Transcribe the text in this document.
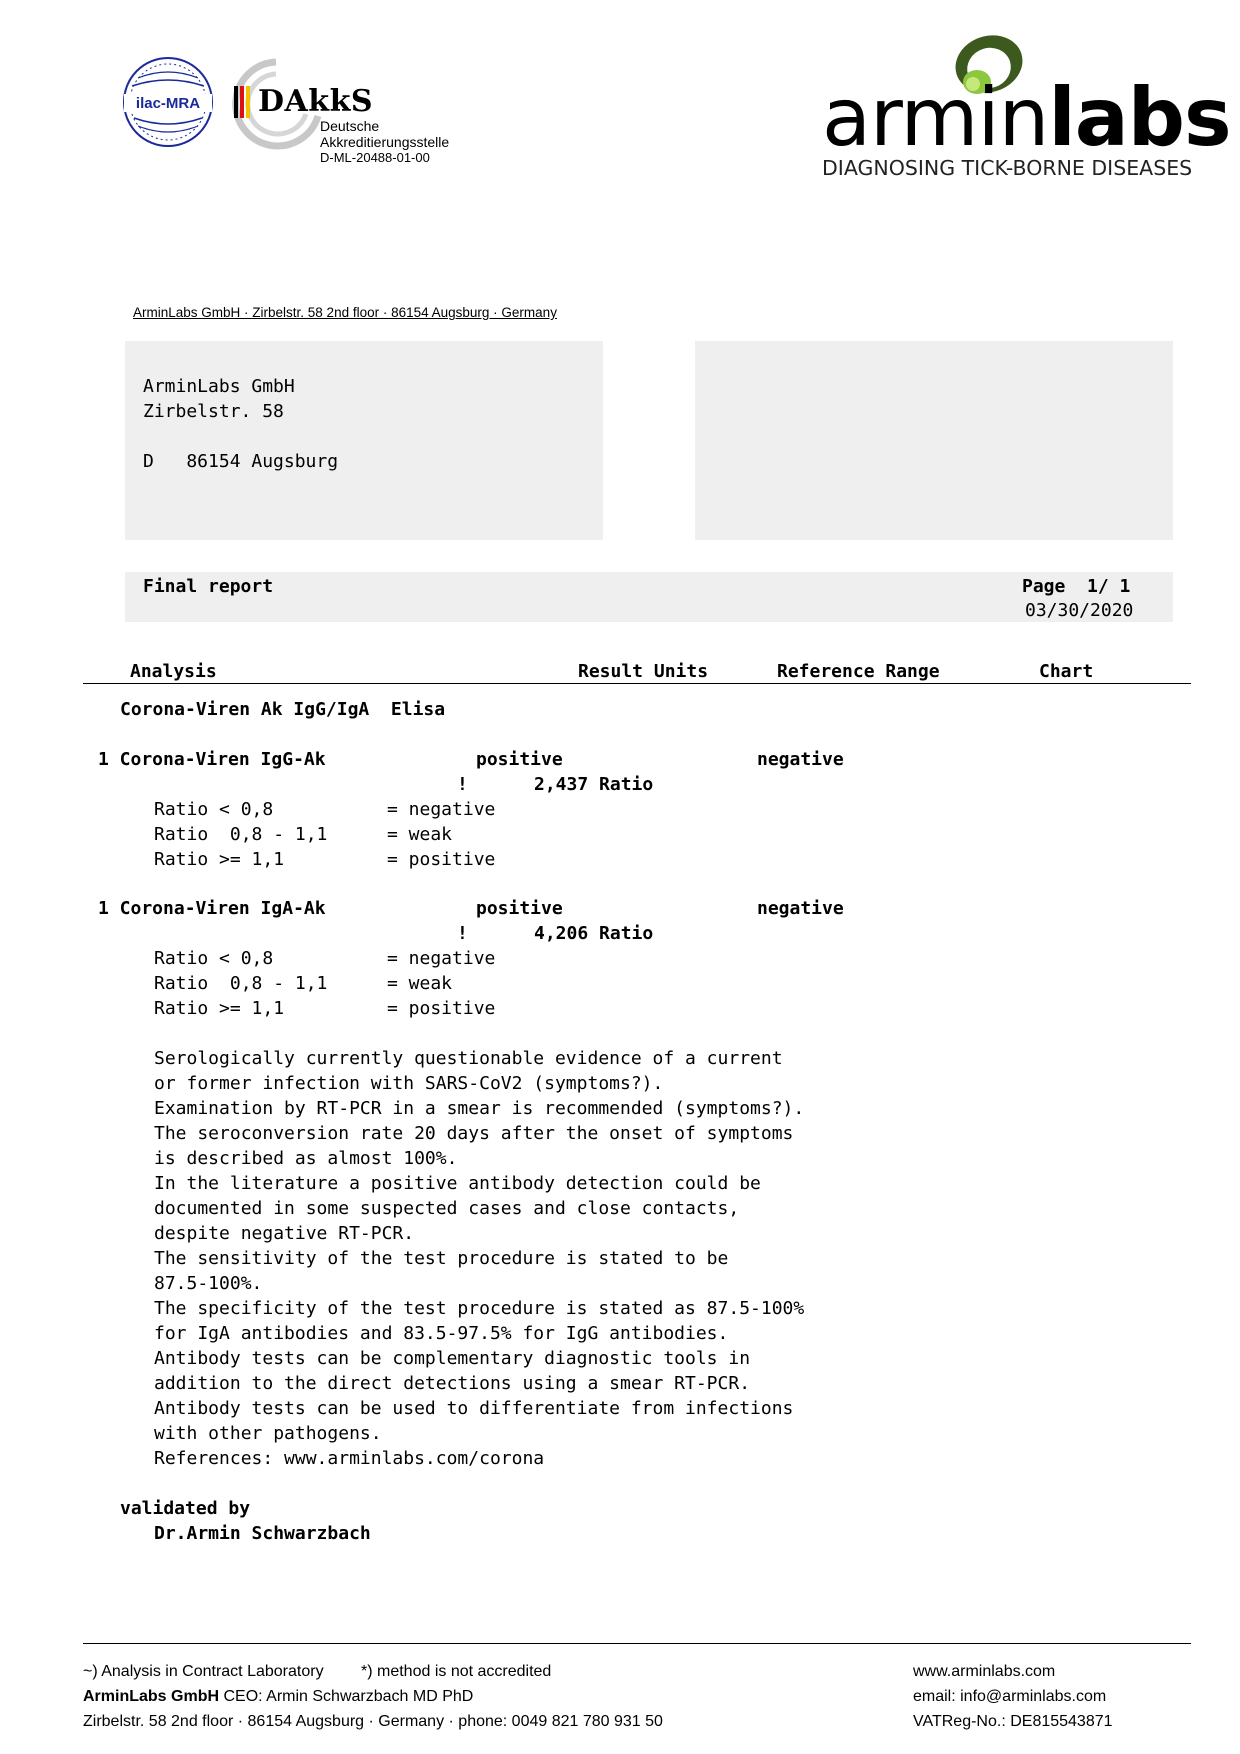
ilac-MRA DAkkS
Deutsche
Akkreditierungsstelle
D-ML-20488-01-00	arminlabs
DIAGNOSING TICK-BORNE DISEASES
ArminLabs GmbH · Zirbelstr. 58 2nd floor · 86154 Augsburg · Germany
ArminLabs GmbH
Zirbelstr. 58
D   86154 Augsburg
Final report	Page  1/ 1
03/30/2020
Analysis	Result Units	Reference Range	Chart
Corona-Viren Ak IgG/IgA  Elisa
1 Corona-Viren IgG-Ak	positive	negative
!	2,437 Ratio
Ratio < 0,8	= negative
Ratio  0,8 - 1,1	= weak
Ratio >= 1,1	= positive
1 Corona-Viren IgA-Ak	positive	negative
!	4,206 Ratio
Ratio < 0,8	= negative
Ratio  0,8 - 1,1	= weak
Ratio >= 1,1	= positive
Serologically currently questionable evidence of a current
or former infection with SARS-CoV2 (symptoms?).
Examination by RT-PCR in a smear is recommended (symptoms?).
The seroconversion rate 20 days after the onset of symptoms
is described as almost 100%.
In the literature a positive antibody detection could be
documented in some suspected cases and close contacts,
despite negative RT-PCR.
The sensitivity of the test procedure is stated to be
87.5-100%.
The specificity of the test procedure is stated as 87.5-100%
for IgA antibodies and 83.5-97.5% for IgG antibodies.
Antibody tests can be complementary diagnostic tools in
addition to the direct detections using a smear RT-PCR.
Antibody tests can be used to differentiate from infections
with other pathogens.
References: www.arminlabs.com/corona
validated by
Dr.Armin Schwarzbach
~) Analysis in Contract Laboratory *) method is not accredited
ArminLabs GmbH CEO: Armin Schwarzbach MD PhD
Zirbelstr. 58 2nd floor · 86154 Augsburg · Germany · phone: 0049 821 780 931 50
www.arminlabs.com
email: info@arminlabs.com
VATReg-No.: DE815543871
